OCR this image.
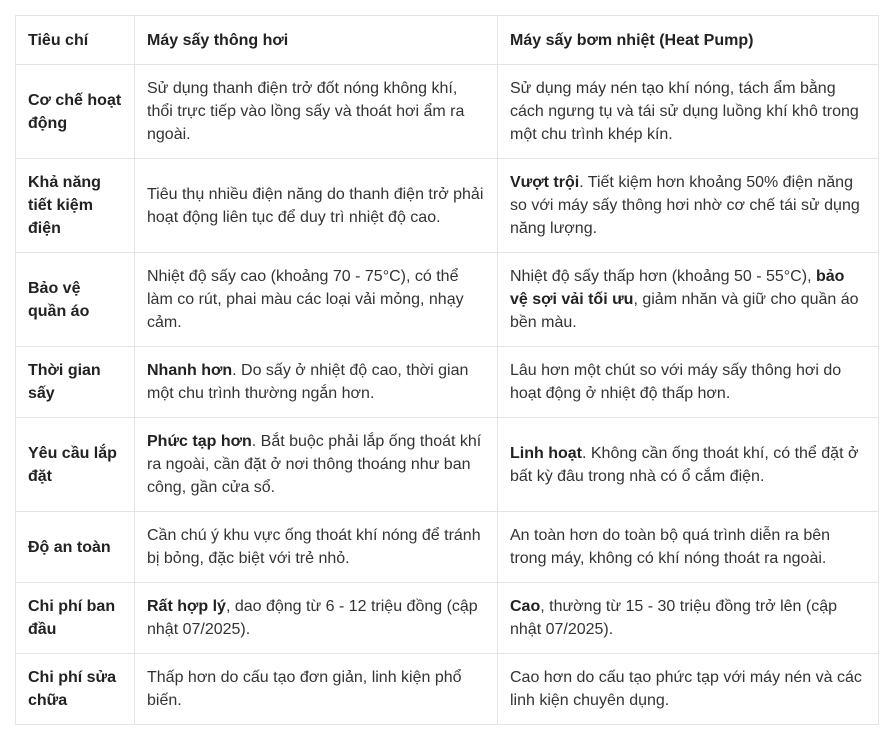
Tiêu chí	Máy sấy thông hơi	Máy sấy bơm nhiệt (Heat Pump)
Cơ chế hoạt động	Sử dụng thanh điện trở đốt nóng không khí, thổi trực tiếp vào lồng sấy và thoát hơi ẩm ra ngoài.	Sử dụng máy nén tạo khí nóng, tách ẩm bằng cách ngưng tụ và tái sử dụng luồng khí khô trong một chu trình khép kín.
Khả năng tiết kiệm điện	Tiêu thụ nhiều điện năng do thanh điện trở phải hoạt động liên tục để duy trì nhiệt độ cao.	Vượt trội. Tiết kiệm hơn khoảng 50% điện năng so với máy sấy thông hơi nhờ cơ chế tái sử dụng năng lượng.
Bảo vệ quần áo	Nhiệt độ sấy cao (khoảng 70 - 75°C), có thể làm co rút, phai màu các loại vải mỏng, nhạy cảm.	Nhiệt độ sấy thấp hơn (khoảng 50 - 55°C), bảo vệ sợi vải tối ưu, giảm nhăn và giữ cho quần áo bền màu.
Thời gian sấy	Nhanh hơn. Do sấy ở nhiệt độ cao, thời gian một chu trình thường ngắn hơn.	Lâu hơn một chút so với máy sấy thông hơi do hoạt động ở nhiệt độ thấp hơn.
Yêu cầu lắp đặt	Phức tạp hơn. Bắt buộc phải lắp ống thoát khí ra ngoài, cần đặt ở nơi thông thoáng như ban công, gần cửa sổ.	Linh hoạt. Không cần ống thoát khí, có thể đặt ở bất kỳ đâu trong nhà có ổ cắm điện.
Độ an toàn	Cần chú ý khu vực ống thoát khí nóng để tránh bị bỏng, đặc biệt với trẻ nhỏ.	An toàn hơn do toàn bộ quá trình diễn ra bên trong máy, không có khí nóng thoát ra ngoài.
Chi phí ban đầu	Rất hợp lý, dao động từ 6 - 12 triệu đồng (cập nhật 07/2025).	Cao, thường từ 15 - 30 triệu đồng trở lên (cập nhật 07/2025).
Chi phí sửa chữa	Thấp hơn do cấu tạo đơn giản, linh kiện phổ biến.	Cao hơn do cấu tạo phức tạp với máy nén và các linh kiện chuyên dụng.
